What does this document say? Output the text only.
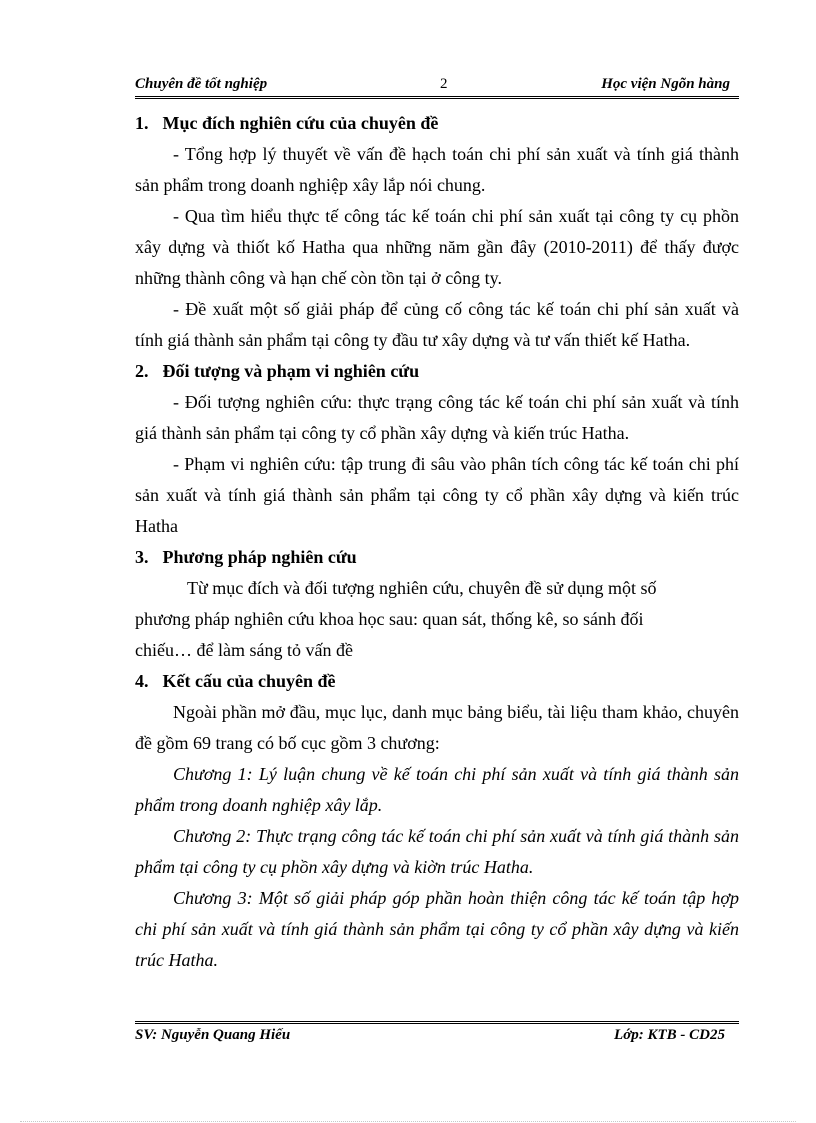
Chuyên đề tốt nghiệp	2	Học viện Ngõn hàng

1. Mục đích nghiên cứu của chuyên đề

- Tổng hợp lý thuyết về vấn đề hạch toán chi phí sản xuất và tính giá thành sản phẩm trong doanh nghiệp xây lắp nói chung.

- Qua tìm hiểu thực tế công tác kế toán chi phí sản xuất tại công ty cụ phồn xây dựng và thiốt kố Hatha qua những năm gần đây (2010-2011) để thấy được những thành công và hạn chế còn tồn tại ở công ty.

- Đề xuất một số giải pháp để củng cố công tác kế toán chi phí sản xuất và tính giá thành sản phẩm tại công ty đầu tư xây dựng và tư vấn thiết kế Hatha.

2. Đối tượng và phạm vi nghiên cứu

- Đối tượng nghiên cứu: thực trạng công tác kế toán chi phí sản xuất và tính giá thành sản phẩm tại công ty cổ phần xây dựng và kiến trúc Hatha.

- Phạm vi nghiên cứu: tập trung đi sâu vào phân tích công tác kế toán chi phí sản xuất và tính giá thành sản phẩm tại công ty cổ phần xây dựng và kiến trúc Hatha

3. Phương pháp nghiên cứu

Từ mục đích và đối tượng nghiên cứu, chuyên đề sử dụng một số phương pháp nghiên cứu khoa học sau: quan sát, thống kê, so sánh đối chiếu… để làm sáng tỏ vấn đề

4. Kết cấu của chuyên đề

Ngoài phần mở đầu, mục lục, danh mục bảng biểu, tài liệu tham khảo, chuyên đề gồm 69 trang có bố cục gồm 3 chương:

Chương 1: Lý luận chung về kế toán chi phí sản xuất và tính giá thành sản phẩm trong doanh nghiệp xây lắp.

Chương 2: Thực trạng công tác kế toán chi phí sản xuất và tính giá thành sản phẩm tại công ty cụ phồn xây dựng và kiờn trúc Hatha.

Chương 3: Một số giải pháp góp phần hoàn thiện công tác kế toán tập hợp chi phí sản xuất và tính giá thành sản phẩm tại công ty cổ phần xây dựng và kiến trúc Hatha.

SV: Nguyễn Quang Hiếu	Lớp: KTB - CD25
